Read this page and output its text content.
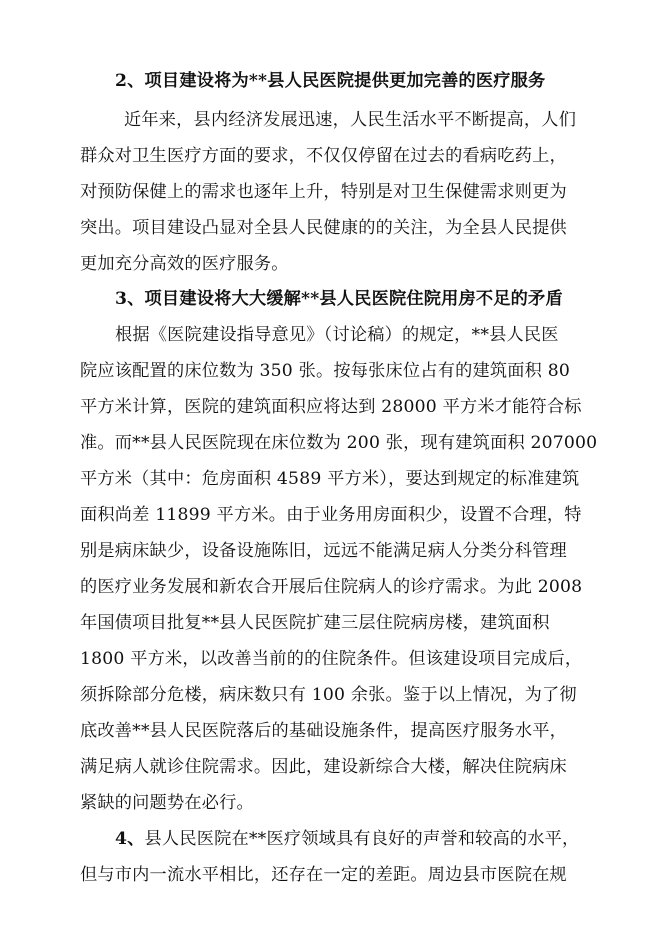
2、项目建设将为**县人民医院提供更加完善的医疗服务
近年来，县内经济发展迅速，人民生活水平不断提高，人们
群众对卫生医疗方面的要求，不仅仅停留在过去的看病吃药上，
对预防保健上的需求也逐年上升，特别是对卫生保健需求则更为
突出。项目建设凸显对全县人民健康的的关注，为全县人民提供
更加充分高效的医疗服务。
3、项目建设将大大缓解**县人民医院住院用房不足的矛盾
根据《医院建设指导意见》（讨论稿）的规定，**县人民医
院应该配置的床位数为 350 张。按每张床位占有的建筑面积 80
平方米计算，医院的建筑面积应将达到 28000 平方米才能符合标
准。而**县人民医院现在床位数为 200 张，现有建筑面积 207000
平方米（其中：危房面积 4589 平方米），要达到规定的标准建筑
面积尚差 11899 平方米。由于业务用房面积少，设置不合理，特
别是病床缺少，设备设施陈旧，远远不能满足病人分类分科管理
的医疗业务发展和新农合开展后住院病人的诊疗需求。为此 2008
年国债项目批复**县人民医院扩建三层住院病房楼，建筑面积
1800 平方米，以改善当前的的住院条件。但该建设项目完成后，
须拆除部分危楼，病床数只有 100 余张。鉴于以上情况，为了彻
底改善**县人民医院落后的基础设施条件，提高医疗服务水平，
满足病人就诊住院需求。因此，建设新综合大楼，解决住院病床
紧缺的问题势在必行。
4、县人民医院在**医疗领域具有良好的声誉和较高的水平，
但与市内一流水平相比，还存在一定的差距。周边县市医院在规
